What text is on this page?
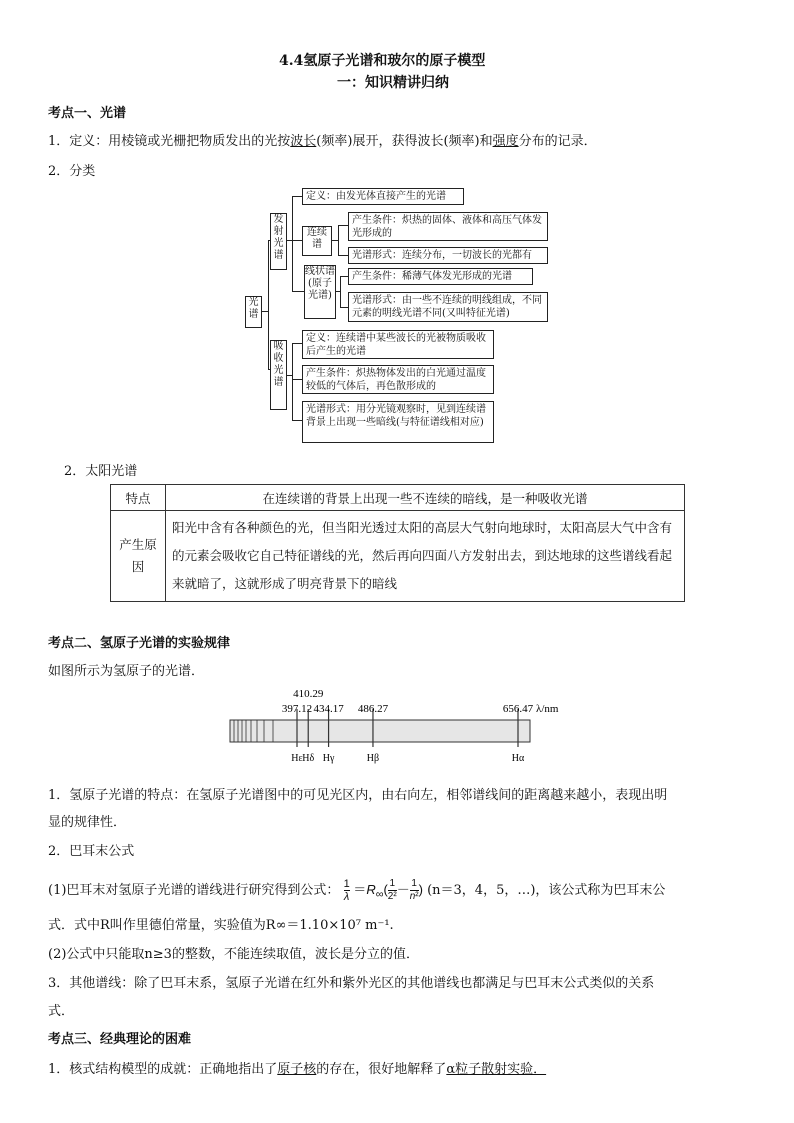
4.4氢原子光谱和玻尔的原子模型
一：知识精讲归纳
考点一、光谱
1．定义：用棱镜或光栅把物质发出的光按波长(频率)展开，获得波长(频率)和强度分布的记录．
2．分类
光谱
发射光谱
定义：由发光体直接产生的光谱
连续谱
产生条件：炽热的固体、液体和高压气体发光形成的
光谱形式：连续分布，一切波长的光都有
线状谱(原子光谱)
产生条件：稀薄气体发光形成的光谱
光谱形式：由一些不连续的明线组成，不同元素的明线光谱不同(又叫特征光谱)
吸收光谱
定义：连续谱中某些波长的光被物质吸收后产生的光谱
产生条件：炽热物体发出的白光通过温度较低的气体后，再色散形成的
光谱形式：用分光镜观察时，见到连续谱背景上出现一些暗线(与特征谱线相对应)
2．太阳光谱
特点	在连续谱的背景上出现一些不连续的暗线，是一种吸收光谱
产生原因	阳光中含有各种颜色的光，但当阳光透过太阳的高层大气射向地球时，太阳高层大气中含有的元素会吸收它自己特征谱线的光，然后再向四面八方发射出去，到达地球的这些谱线看起来就暗了，这就形成了明亮背景下的暗线
考点二、氢原子光谱的实验规律
如图所示为氢原子的光谱．
397.12
Hε
410.29
Hδ
434.17
Hγ
486.27
Hβ
656.47
Hα
λ/nm
1．氢原子光谱的特点：在氢原子光谱图中的可见光区内，由右向左，相邻谱线间的距离越来越小，表现出明
显的规律性．
2．巴耳末公式
(1)巴耳末对氢原子光谱的谱线进行研究得到公式： $\frac{1}{\lambda} =R_\infty( \frac{1}{\text{2²}} - \frac{1}{\text{n²}}$ ) (n＝3，4，5，…)，该公式称为巴耳末公
式．式中R叫作里德伯常量，实验值为R∞＝1.10×10⁷ m⁻¹.
(2)公式中只能取n≥3的整数，不能连续取值，波长是分立的值．
3．其他谱线：除了巴耳末系，氢原子光谱在红外和紫外光区的其他谱线也都满足与巴耳末公式类似的关系
式．
考点三、经典理论的困难
1．核式结构模型的成就：正确地指出了原子核的存在，很好地解释了α粒子散射实验．
